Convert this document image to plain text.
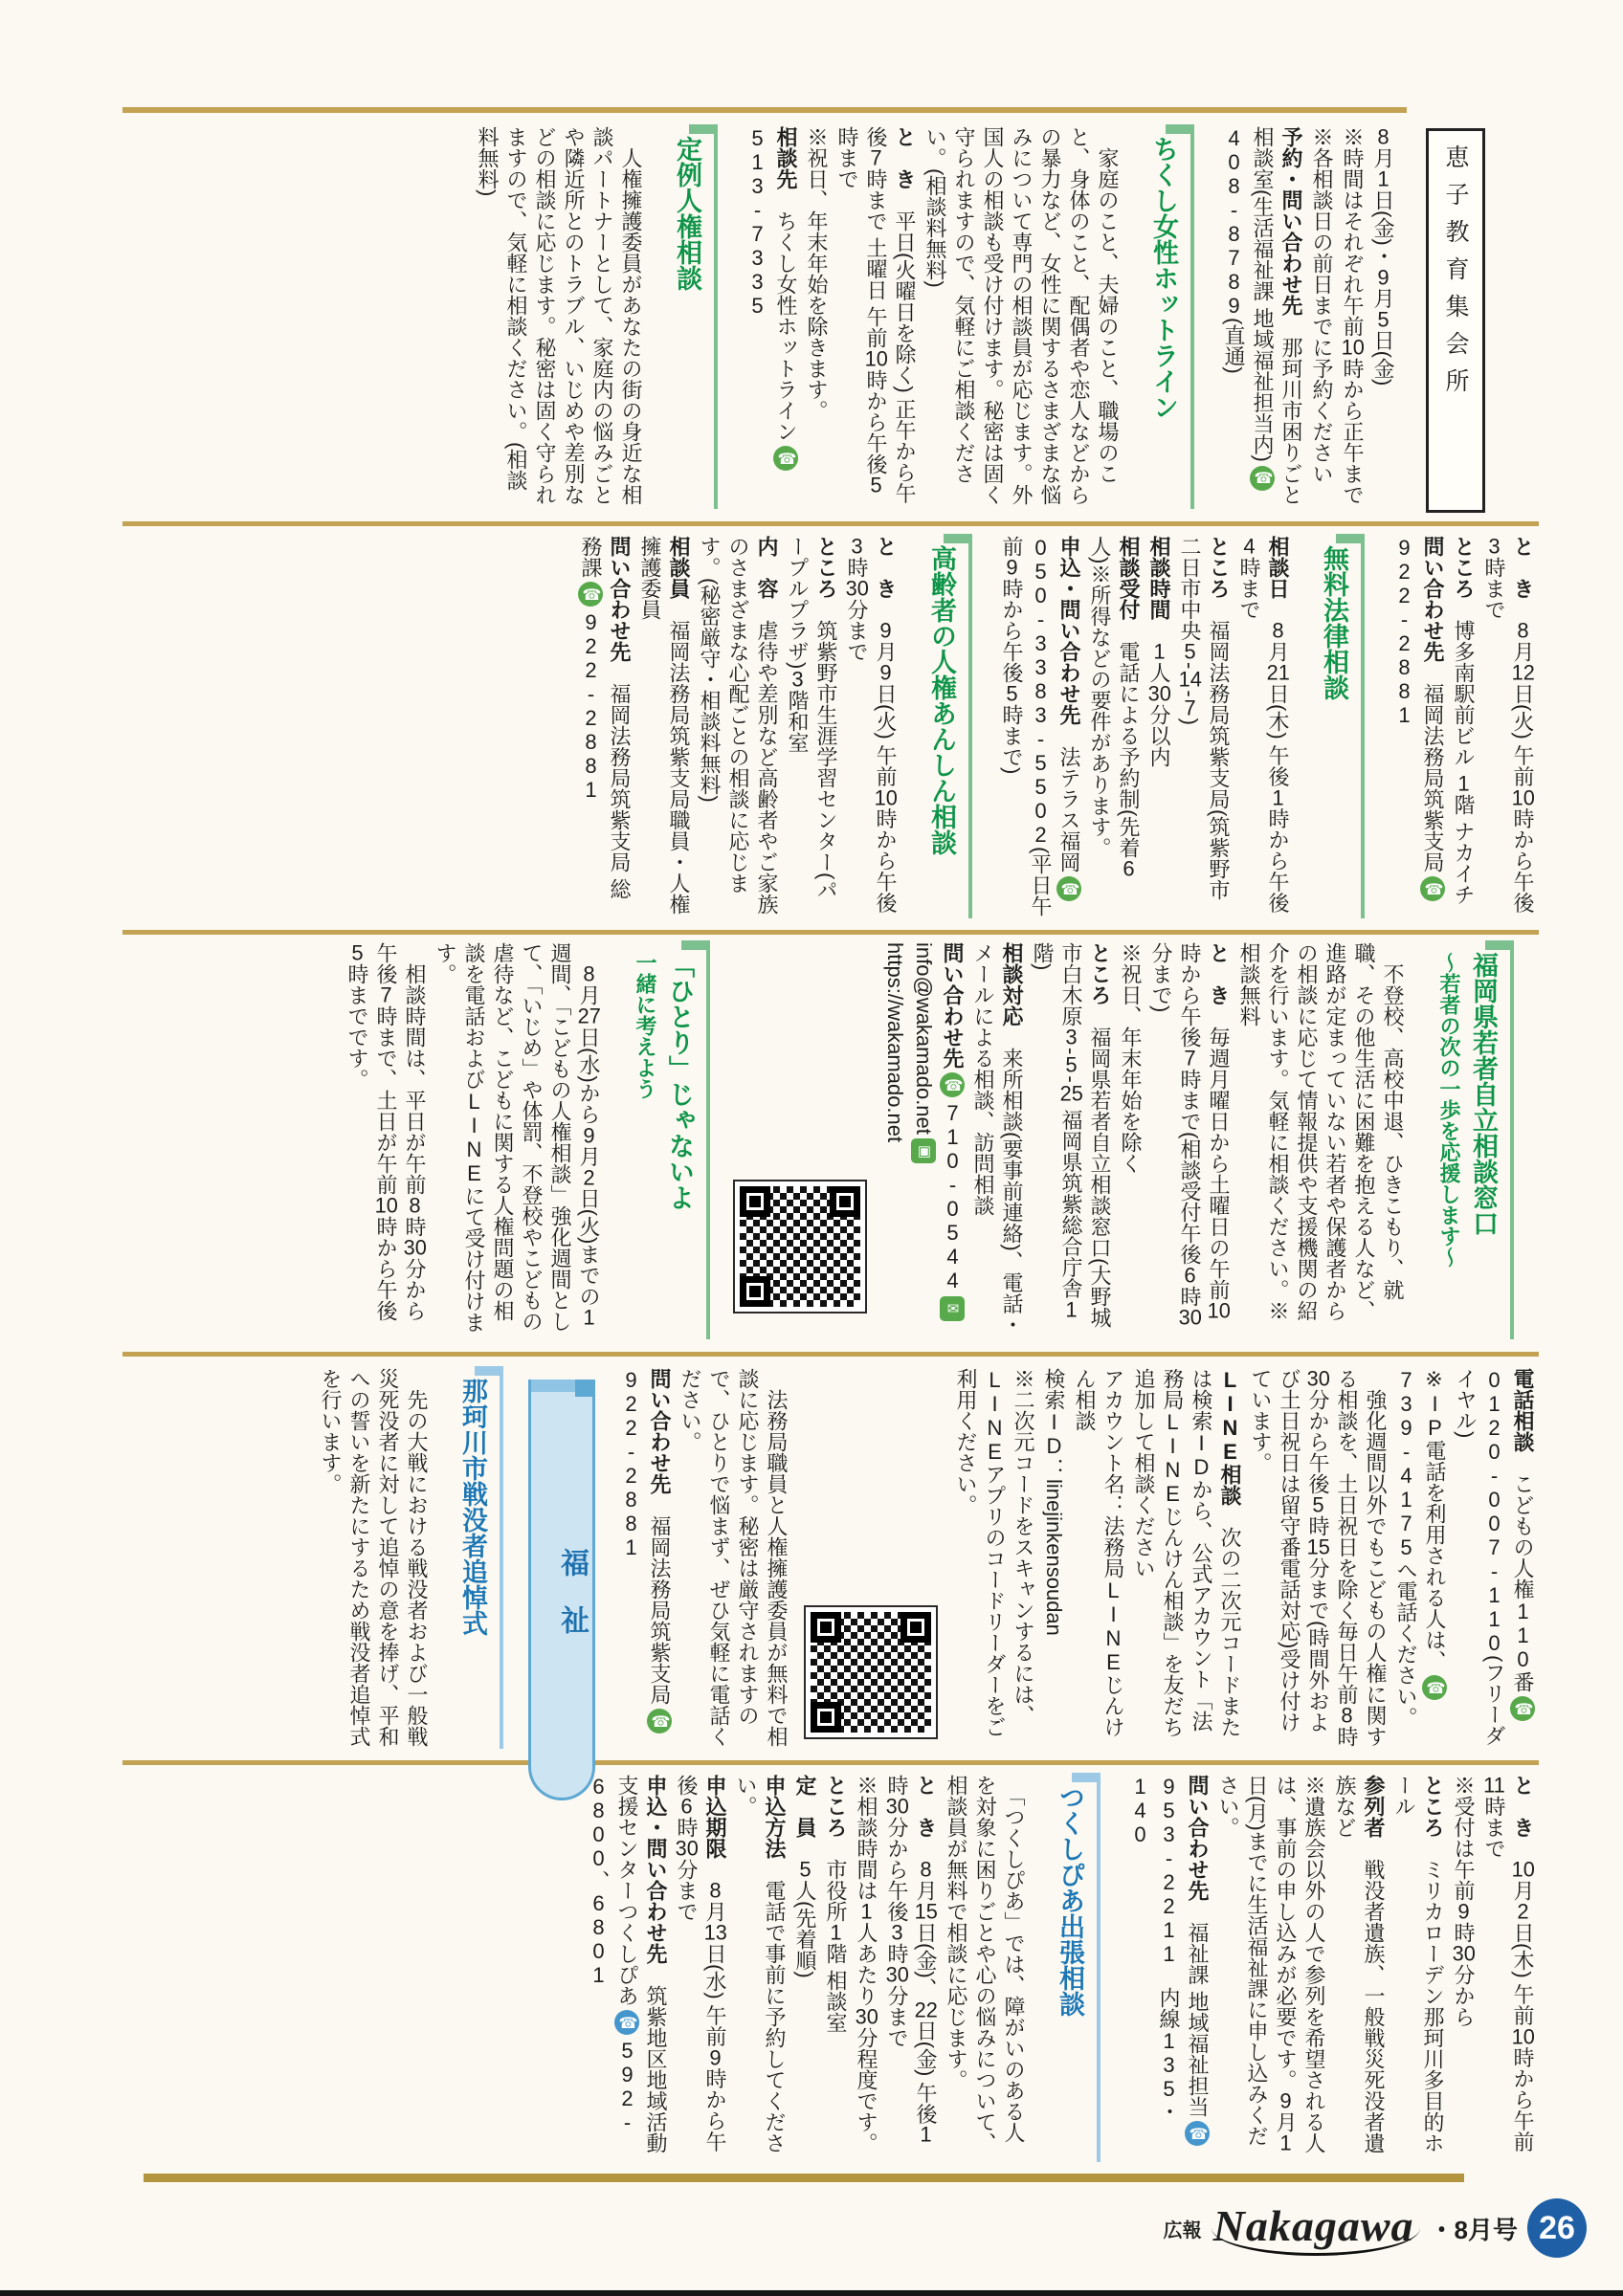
恵子教育集会所

8月1日(金)・9月5日(金)

※時間はそれぞれ午前10時から正午まで

※各相談日の前日までに予約ください

予約・問い合わせ先　那珂川市困りごと相談室(生活福祉課 地域福祉担当内)☎408-8789(直通)

ちくし女性ホットライン

　家庭のこと、夫婦のこと、職場のこと、身体のこと、配偶者や恋人などからの暴力など、女性に関するさまざまな悩みについて専門の相談員が応じます。外国人の相談も受け付けます。秘密は固く守られますので、気軽にご相談ください。(相談料無料)

と　き　平日(火曜日を除く) 正午から午後7時まで 土曜日 午前10時から午後5時まで

※祝日、年末年始を除きます。

相談先　ちくし女性ホットライン☎513-7335

定例人権相談

　人権擁護委員があなたの街の身近な相談パートナーとして、家庭内の悩みごとや隣近所とのトラブル、いじめや差別などの相談に応じます。秘密は固く守られますので、気軽に相談ください。(相談料無料)

と　き　8月12日(火) 午前10時から午後3時まで

ところ　博多南駅前ビル 1階 ナカイチ

問い合わせ先　福岡法務局筑紫支局☎922-2881

無料法律相談

相談日　8月21日(木) 午後1時から午後4時まで

ところ　福岡法務局筑紫支局(筑紫野市二日市中央5-14-7)

相談時間　1人30分以内

相談受付　電話による予約制(先着6人)※所得などの要件があります。

申込・問い合わせ先　法テラス福岡☎050-3383-5502(平日午前9時から午後5時まで)

高齢者の人権あんしん相談

と　き　9月9日(火) 午前10時から午後3時30分まで

ところ　筑紫野市生涯学習センター(パープルプラザ)3階和室

内　容　虐待や差別など高齢者やご家族のさまざまな心配ごとの相談に応じます。(秘密厳守・相談料無料)

相談員　福岡法務局筑紫支局職員・人権擁護委員

問い合わせ先　福岡法務局筑紫支局 総務課☎922-2881

福岡県若者自立相談窓口
〜若者の次の一歩を応援します〜

　不登校、高校中退、ひきこもり、就職、その他生活に困難を抱える人など、進路が定まっていない若者や保護者からの相談に応じて情報提供や支援機関の紹介を行います。気軽に相談ください。※相談無料

と　き　毎週月曜日から土曜日の午前10時から午後7時まで(相談受付午後6時30分まで)

※祝日、年末年始を除く

ところ　福岡県若者自立相談窓口(大野城市白木原3-5-25 福岡県筑紫総合庁舎1階)

相談対応　来所相談(要事前連絡)、電話・メールによる相談、訪問相談

問い合わせ先☎710-0544✉info@wakamado.net▣https://wakamado.net

「ひとり」じゃないよ
一緒に考えよう

　8月27日(水)から9月2日(火)までの1週間、「こどもの人権相談」強化週間として、「いじめ」や体罰、不登校やこどもの虐待など、こどもに関する人権問題の相談を電話およびLINEにて受け付けます。

　相談時間は、平日が午前8時30分から午後7時まで、土日が午前10時から午後5時までです。

電話相談　こどもの人権110番☎0120-007-110(フリーダイヤル)

※IP電話を利用される人は、☎739-4175へ電話ください。

　強化週間以外でもこどもの人権に関する相談を、土日祝日を除く毎日午前8時30分から午後5時15分まで(時間外および土日祝日は留守番電話対応)受け付けています。

LINE相談　次の二次元コードまたは検索IDから、公式アカウント「法務局LINEじんけん相談」を友だち追加して相談ください

アカウント名：法務局LINEじんけん相談

検索ID：linejinkensoudan

※二次元コードをスキャンするには、LINEアプリのコードリーダーをご利用ください。

　法務局職員と人権擁護委員が無料で相談に応じます。秘密は厳守されますので、ひとりで悩まず、ぜひ気軽に電話ください。

問い合わせ先　福岡法務局筑紫支局☎922-2881

福祉
那珂川市戦没者追悼式

　先の大戦における戦没者および一般戦災死没者に対して追悼の意を捧げ、平和への誓いを新たにするため戦没者追悼式を行います。

と　き　10月2日(木) 午前10時から午前11時まで

※受付は午前9時30分から

ところ　ミリカローデン那珂川多目的ホール

参列者　戦没者遺族、一般戦災死没者遺族など

※遺族会以外の人で参列を希望される人は、事前の申し込みが必要です。9月1日(月)までに生活福祉課に申し込みください。

問い合わせ先　福祉課 地域福祉担当☎953-2211　内線135・140

つくしぴあ出張相談

　「つくしぴあ」では、障がいのある人を対象に困りごとや心の悩みについて、相談員が無料で相談に応じます。

と　き　8月15日(金)、22日(金) 午後1時30分から午後3時30分まで

※相談時間は1人あたり30分程度です。

ところ　市役所1階 相談室

定　員　5人(先着順)

申込方法　電話で事前に予約してください。

申込期限　8月13日(水) 午前9時から午後6時30分まで

申込・問い合わせ先　筑紫地区地域活動支援センターつくしぴあ☎592-6800、6801

広報 Nakagawa ・8月号 26
